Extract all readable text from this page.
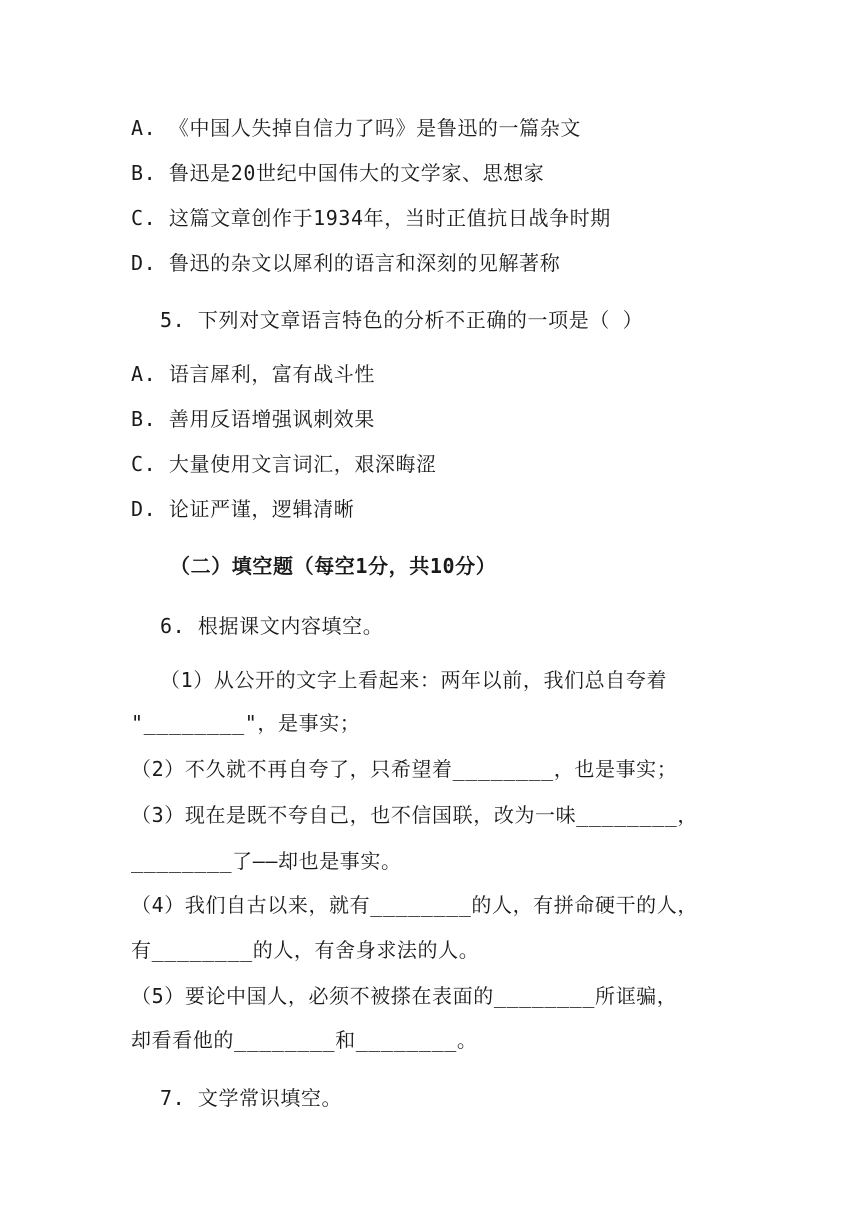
A. 《中国人失掉自信力了吗》是鲁迅的一篇杂文
B. 鲁迅是20世纪中国伟大的文学家、思想家
C. 这篇文章创作于1934年，当时正值抗日战争时期
D. 鲁迅的杂文以犀利的语言和深刻的见解著称
5. 下列对文章语言特色的分析不正确的一项是（ ）
A. 语言犀利，富有战斗性
B. 善用反语增强讽刺效果
C. 大量使用文言词汇，艰深晦涩
D. 论证严谨，逻辑清晰
（二）填空题（每空1分，共10分）
6. 根据课文内容填空。
（1）从公开的文字上看起来：两年以前，我们总自夸着
"________"，是事实；
（2）不久就不再自夸了，只希望着________，也是事实；
（3）现在是既不夸自己，也不信国联，改为一味________，
________了——却也是事实。
（4）我们自古以来，就有________的人，有拼命硬干的人，
有________的人，有舍身求法的人。
（5）要论中国人，必须不被搽在表面的________所诓骗，
却看看他的________和________。
7. 文学常识填空。
